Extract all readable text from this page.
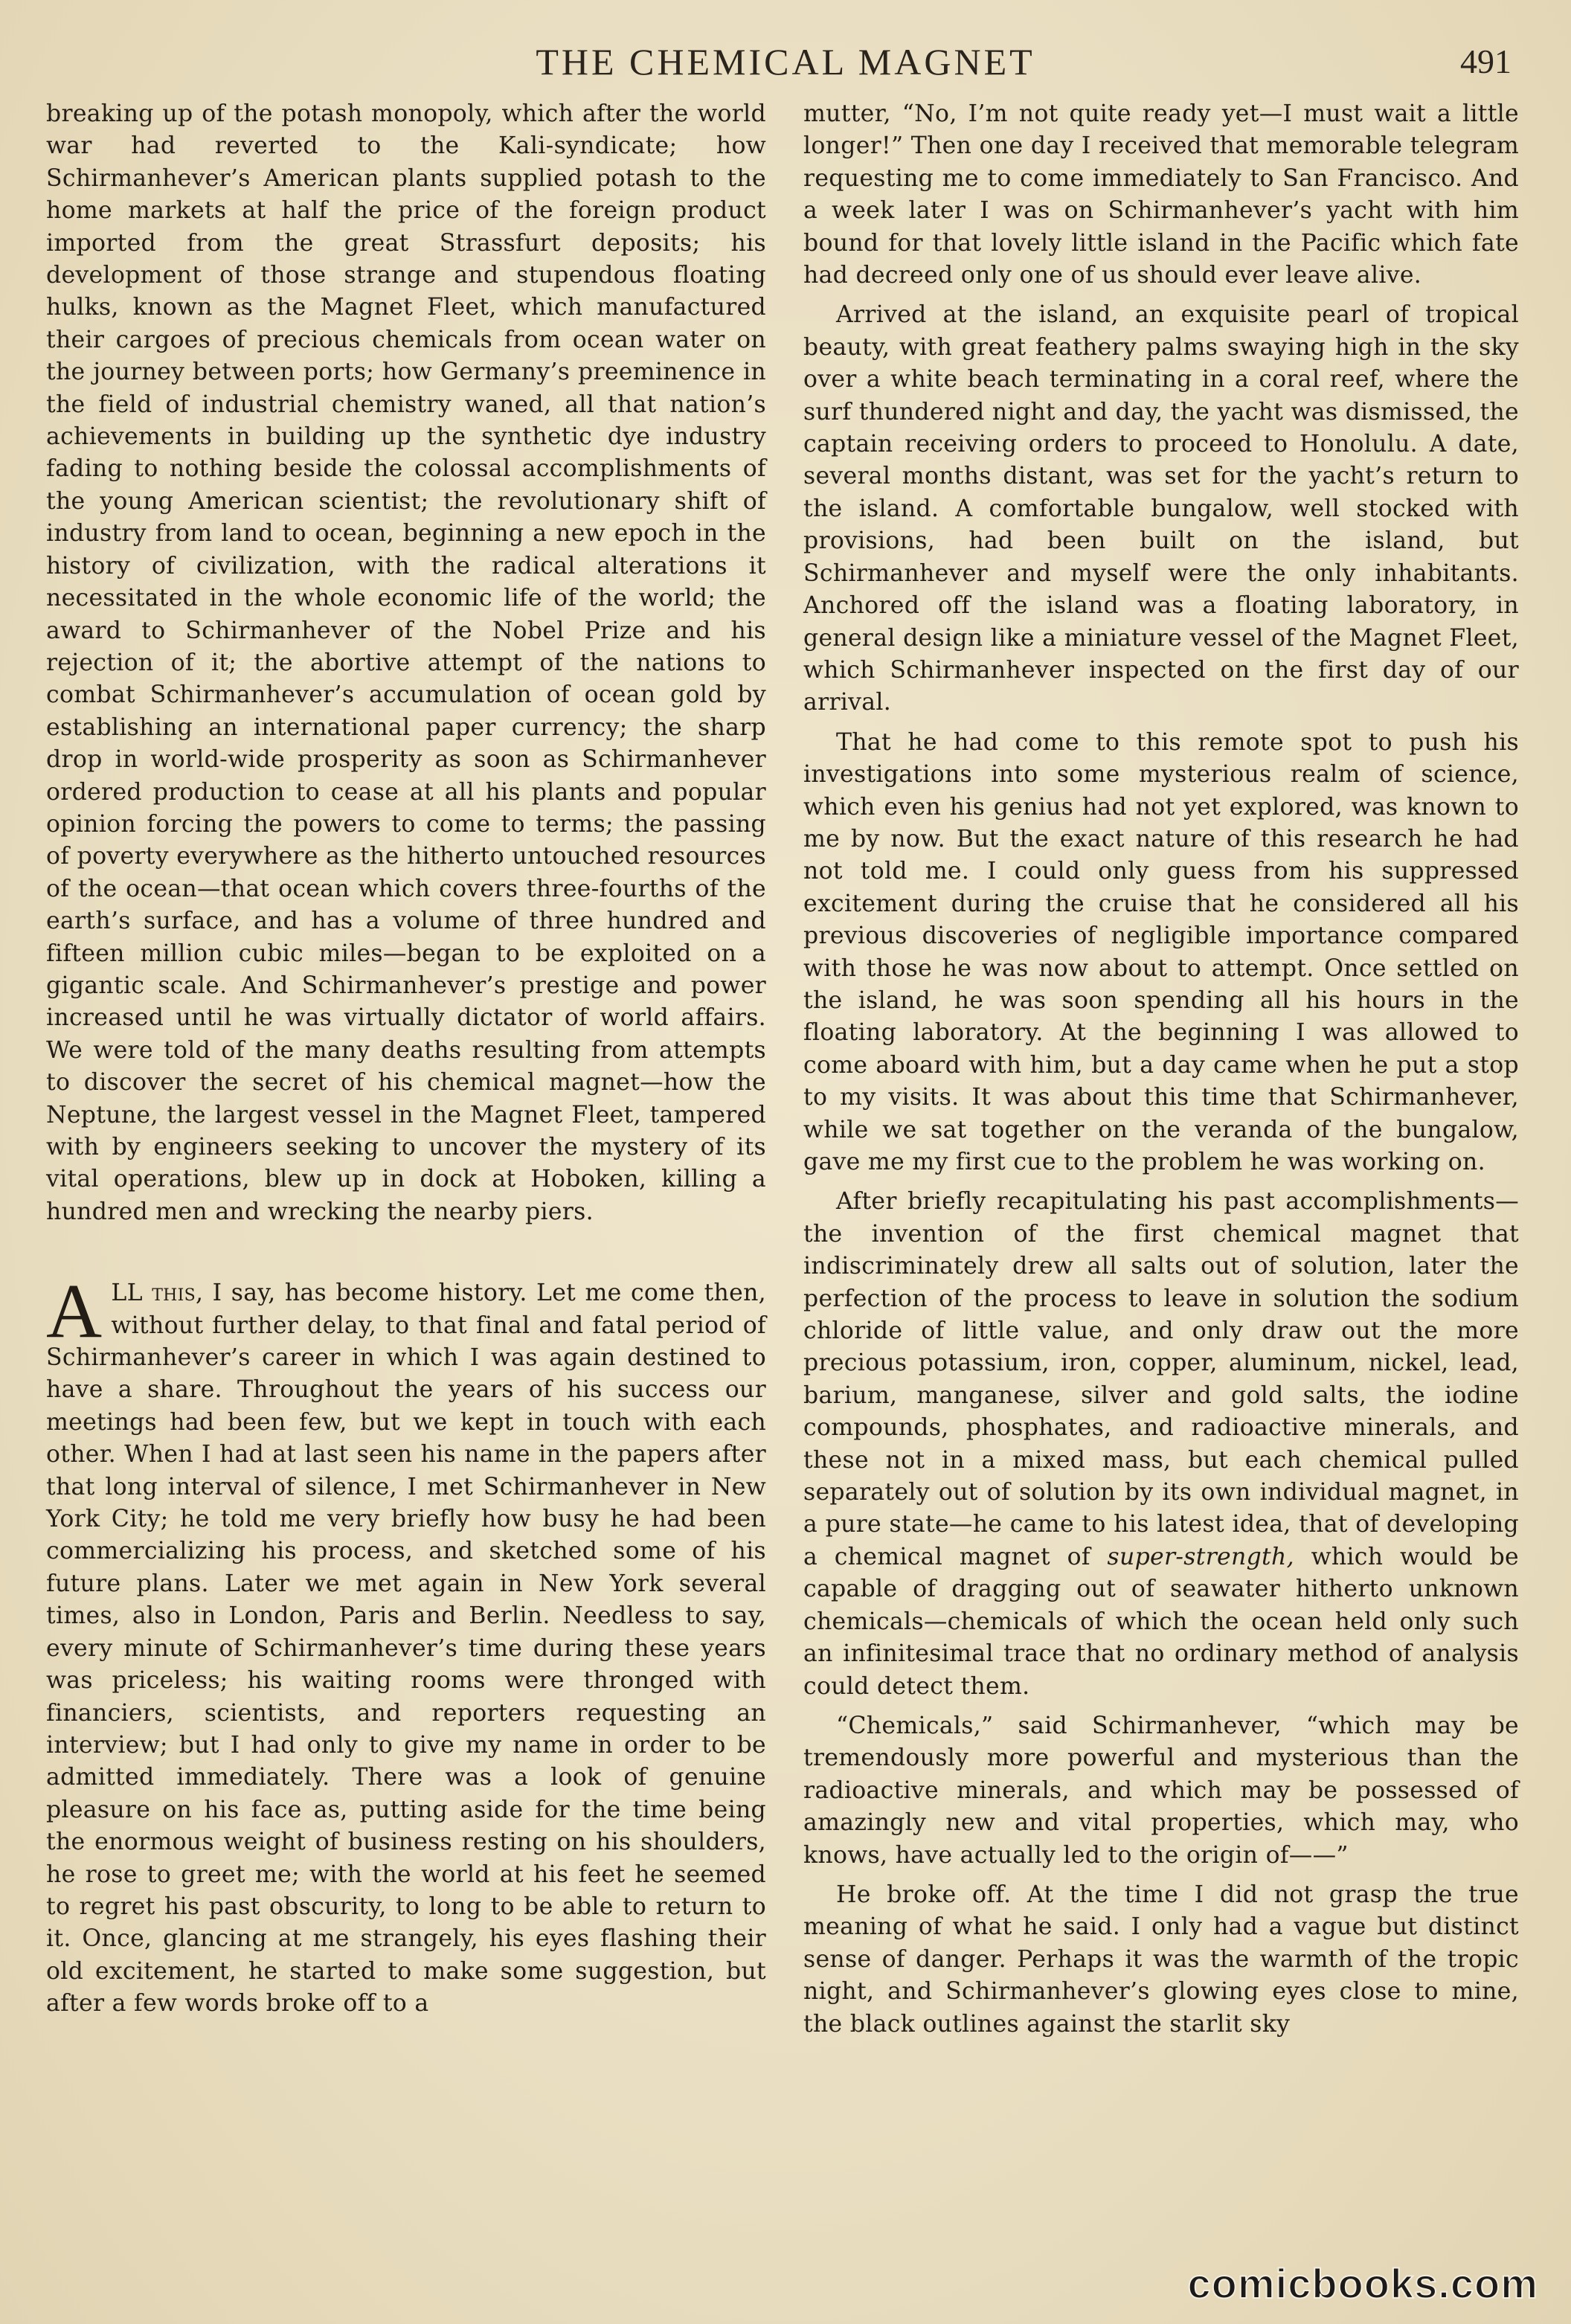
THE CHEMICAL MAGNET	491

breaking up of the potash monopoly, which after the world war had reverted to the Kali-syndicate; how Schirmanhever’s American plants supplied potash to the home markets at half the price of the foreign product imported from the great Strassfurt deposits; his development of those strange and stupendous floating hulks, known as the Magnet Fleet, which manufactured their cargoes of precious chemicals from ocean water on the journey between ports; how Germany’s preeminence in the field of industrial chemistry waned, all that nation’s achievements in building up the synthetic dye industry fading to nothing beside the colossal accomplishments of the young American scientist; the revolutionary shift of industry from land to ocean, beginning a new epoch in the history of civilization, with the radical alterations it necessitated in the whole economic life of the world; the award to Schirmanhever of the Nobel Prize and his rejection of it; the abortive attempt of the nations to combat Schirmanhever’s accumulation of ocean gold by establishing an international paper currency; the sharp drop in world-wide prosperity as soon as Schirmanhever ordered production to cease at all his plants and popular opinion forcing the powers to come to terms; the passing of poverty everywhere as the hitherto untouched resources of the ocean—that ocean which covers three-fourths of the earth’s surface, and has a volume of three hundred and fifteen million cubic miles—began to be exploited on a gigantic scale. And Schirmanhever’s prestige and power increased until he was virtually dictator of world affairs. We were told of the many deaths resulting from attempts to discover the secret of his chemical magnet—how the Neptune, the largest vessel in the Magnet Fleet, tampered with by engineers seeking to uncover the mystery of its vital operations, blew up in dock at Hoboken, killing a hundred men and wrecking the nearby piers.

ALL this, I say, has become history. Let me come then, without further delay, to that final and fatal period of Schirmanhever’s career in which I was again destined to have a share. Throughout the years of his success our meetings had been few, but we kept in touch with each other. When I had at last seen his name in the papers after that long interval of silence, I met Schirmanhever in New York City; he told me very briefly how busy he had been commercializing his process, and sketched some of his future plans. Later we met again in New York several times, also in London, Paris and Berlin. Needless to say, every minute of Schirmanhever’s time during these years was priceless; his waiting rooms were thronged with financiers, scientists, and reporters requesting an interview; but I had only to give my name in order to be admitted immediately. There was a look of genuine pleasure on his face as, putting aside for the time being the enormous weight of business resting on his shoulders, he rose to greet me; with the world at his feet he seemed to regret his past obscurity, to long to be able to return to it. Once, glancing at me strangely, his eyes flashing their old excitement, he started to make some suggestion, but after a few words broke off to a

mutter, “No, I’m not quite ready yet—I must wait a little longer!” Then one day I received that memorable telegram requesting me to come immediately to San Francisco. And a week later I was on Schirmanhever’s yacht with him bound for that lovely little island in the Pacific which fate had decreed only one of us should ever leave alive.

Arrived at the island, an exquisite pearl of tropical beauty, with great feathery palms swaying high in the sky over a white beach terminating in a coral reef, where the surf thundered night and day, the yacht was dismissed, the captain receiving orders to proceed to Honolulu. A date, several months distant, was set for the yacht’s return to the island. A comfortable bungalow, well stocked with provisions, had been built on the island, but Schirmanhever and myself were the only inhabitants. Anchored off the island was a floating laboratory, in general design like a miniature vessel of the Magnet Fleet, which Schirmanhever inspected on the first day of our arrival.

That he had come to this remote spot to push his investigations into some mysterious realm of science, which even his genius had not yet explored, was known to me by now. But the exact nature of this research he had not told me. I could only guess from his suppressed excitement during the cruise that he considered all his previous discoveries of negligible importance compared with those he was now about to attempt. Once settled on the island, he was soon spending all his hours in the floating laboratory. At the beginning I was allowed to come aboard with him, but a day came when he put a stop to my visits. It was about this time that Schirmanhever, while we sat together on the veranda of the bungalow, gave me my first cue to the problem he was working on.

After briefly recapitulating his past accomplishments—the invention of the first chemical magnet that indiscriminately drew all salts out of solution, later the perfection of the process to leave in solution the sodium chloride of little value, and only draw out the more precious potassium, iron, copper, aluminum, nickel, lead, barium, manganese, silver and gold salts, the iodine compounds, phosphates, and radioactive minerals, and these not in a mixed mass, but each chemical pulled separately out of solution by its own individual magnet, in a pure state—he came to his latest idea, that of developing a chemical magnet of super-strength, which would be capable of dragging out of seawater hitherto unknown chemicals—chemicals of which the ocean held only such an infinitesimal trace that no ordinary method of analysis could detect them.

“Chemicals,” said Schirmanhever, “which may be tremendously more powerful and mysterious than the radioactive minerals, and which may be possessed of amazingly new and vital properties, which may, who knows, have actually led to the origin of——”

He broke off. At the time I did not grasp the true meaning of what he said. I only had a vague but distinct sense of danger. Perhaps it was the warmth of the tropic night, and Schirmanhever’s glowing eyes close to mine, the black outlines against the starlit sky

comicbooks.com
